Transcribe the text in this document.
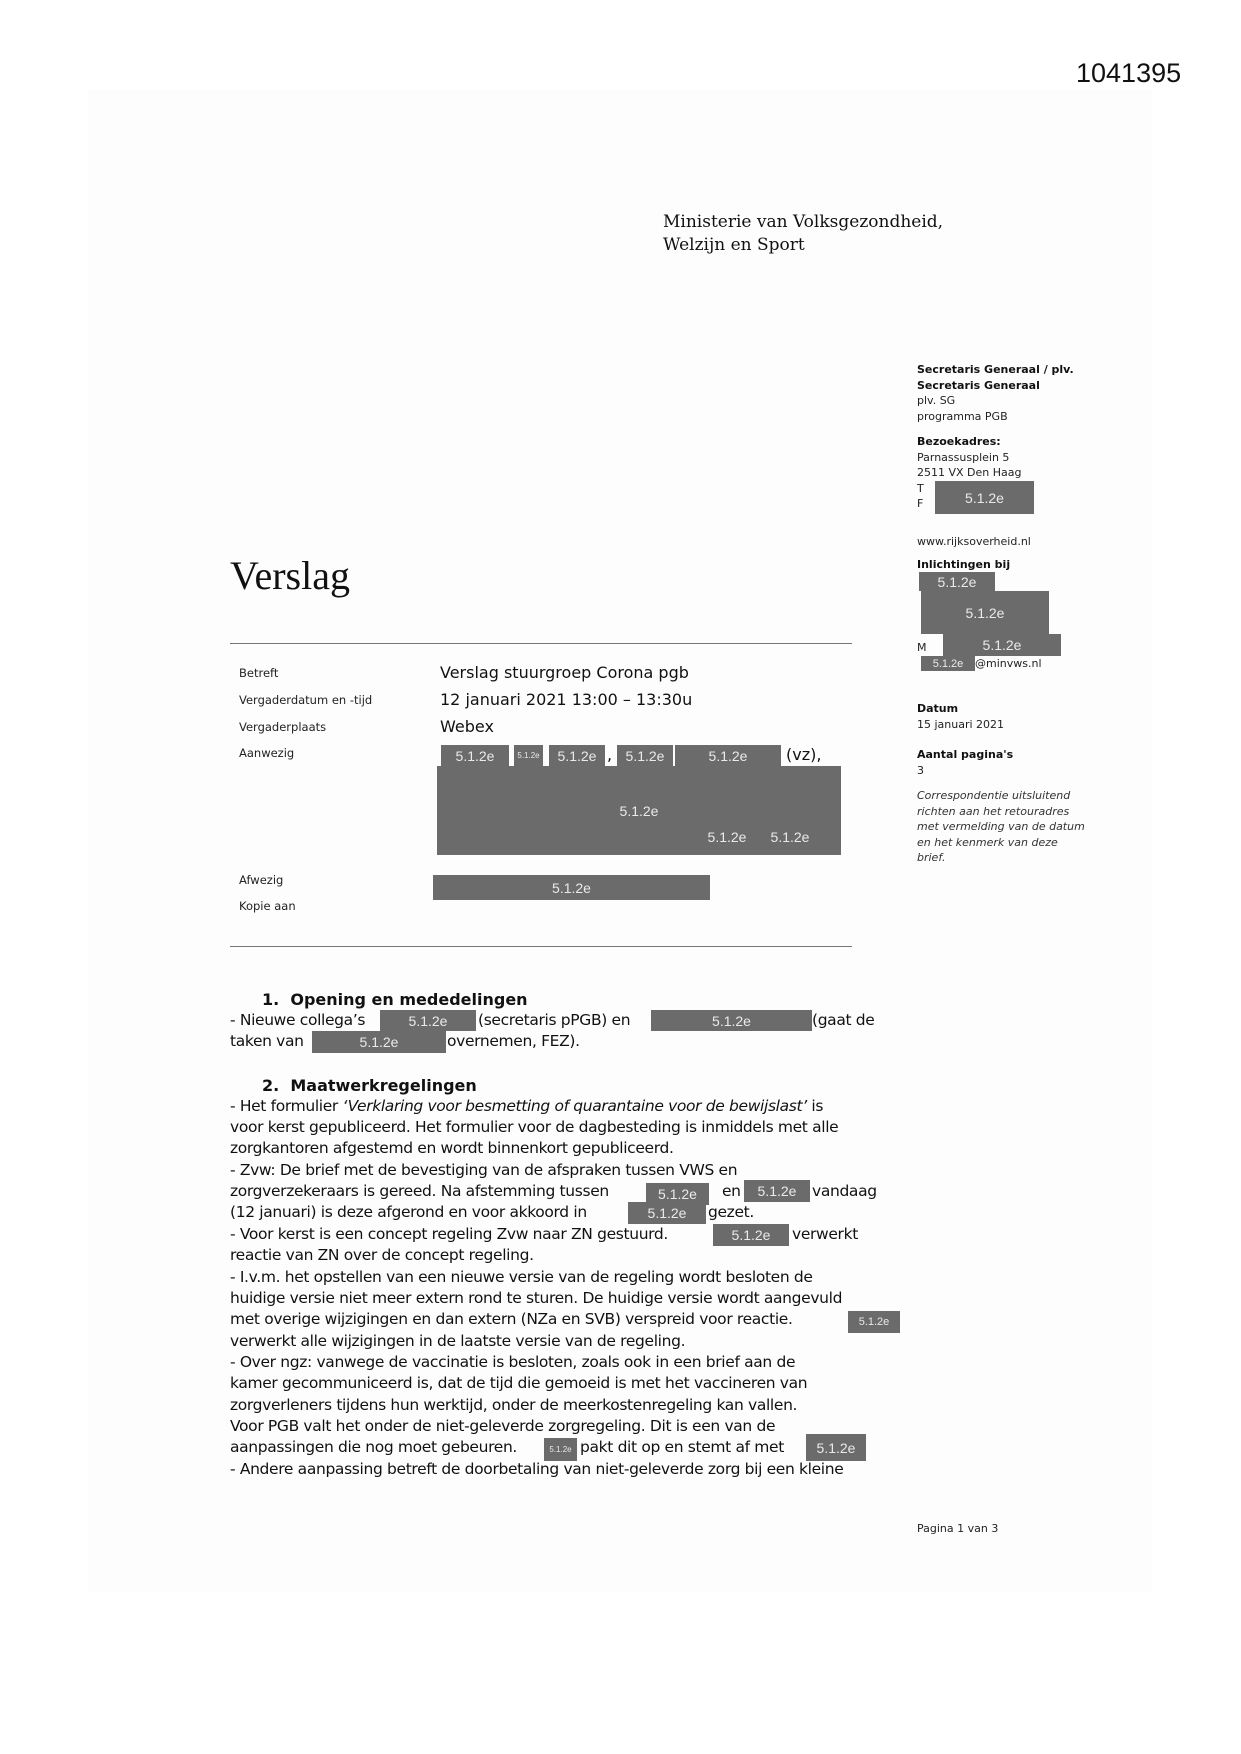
1041395
Ministerie van Volksgezondheid,
Welzijn en Sport
Secretaris Generaal / plv.
Secretaris Generaal
plv. SG
programma PGB
Bezoekadres:
Parnassusplein 5
2511 VX Den Haag
T
F	5.1.2e
www.rijksoverheid.nl
Inlichtingen bij
5.1.2e
5.1.2e
M	5.1.2e
5.1.2e	@minvws.nl
Datum
15 januari 2021
Aantal pagina's
3
Correspondentie uitsluitend
richten aan het retouradres
met vermelding van de datum
en het kenmerk van deze
brief.
Verslag
Betreft	Verslag stuurgroep Corona pgb
Vergaderdatum en -tijd	12 januari 2021 13:00 – 13:30u
Vergaderplaats	Webex
Aanwezig	5.1.2e	5.1.2e	5.1.2e , 5.1.2e	5.1.2e	(vz),
5.1.2e
5.1.2e	5.1.2e
Afwezig	5.1.2e
Kopie aan
1. Opening en mededelingen
- Nieuwe collega’s	5.1.2e	(secretaris pPGB) en	5.1.2e	(gaat de
taken van	5.1.2e	overnemen, FEZ).
2. Maatwerkregelingen
- Het formulier ‘Verklaring voor besmetting of quarantaine voor de bewijslast’ is
voor kerst gepubliceerd. Het formulier voor de dagbesteding is inmiddels met alle
zorgkantoren afgestemd en wordt binnenkort gepubliceerd.
- Zvw: De brief met de bevestiging van de afspraken tussen VWS en
zorgverzekeraars is gereed. Na afstemming tussen	5.1.2e	en	5.1.2e	vandaag
(12 januari) is deze afgerond en voor akkoord in	5.1.2e	gezet.
- Voor kerst is een concept regeling Zvw naar ZN gestuurd.	5.1.2e	verwerkt
reactie van ZN over de concept regeling.
- I.v.m. het opstellen van een nieuwe versie van de regeling wordt besloten de
huidige versie niet meer extern rond te sturen. De huidige versie wordt aangevuld
met overige wijzigingen en dan extern (NZa en SVB) verspreid voor reactie.	5.1.2e
verwerkt alle wijzigingen in de laatste versie van de regeling.
- Over ngz: vanwege de vaccinatie is besloten, zoals ook in een brief aan de
kamer gecommuniceerd is, dat de tijd die gemoeid is met het vaccineren van
zorgverleners tijdens hun werktijd, onder de meerkostenregeling kan vallen.
Voor PGB valt het onder de niet-geleverde zorgregeling. Dit is een van de
aanpassingen die nog moet gebeuren.	5.1.2e pakt dit op en stemt af met	5.1.2e
- Andere aanpassing betreft de doorbetaling van niet-geleverde zorg bij een kleine
Pagina 1 van 3
